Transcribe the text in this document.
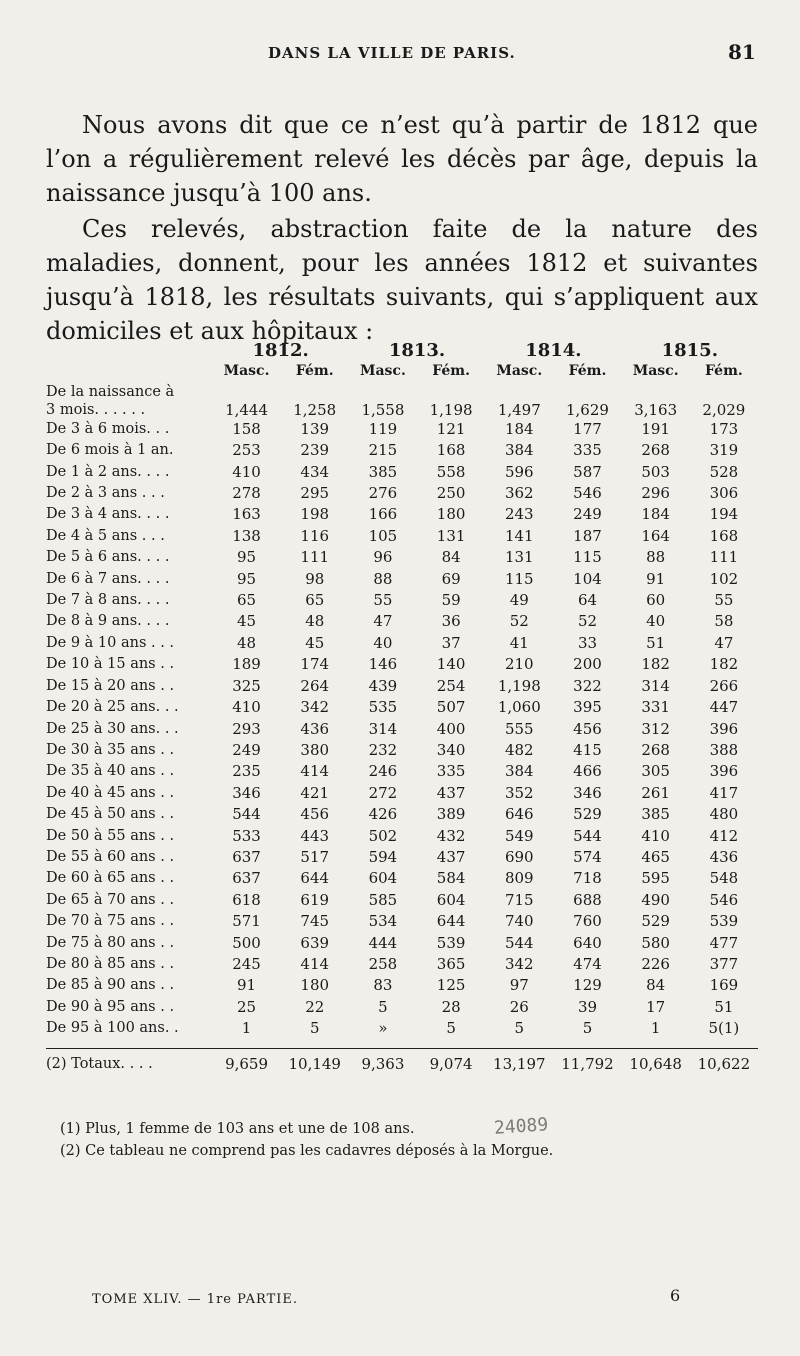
DANS LA VILLE DE PARIS.	81

Nous avons dit que ce n’est qu’à partir de 1812 que l’on a régulièrement relevé les décès par âge, depuis la naissance jusqu’à 100 ans.

Ces relevés, abstraction faite de la nature des maladies, donnent, pour les années 1812 et suivantes jusqu’à 1818, les résultats suivants, qui s’appliquent aux domiciles et aux hôpitaux :

	1812.		1813.		1814.		1815.	
	Masc.	Fém.	Masc.	Fém.	Masc.	Fém.	Masc.	Fém.
De la naissance à								
3 mois. . . . . .	1,444	1,258	1,558	1,198	1,497	1,629	3,163	2,029
De 3 à 6 mois. . .	158	139	119	121	184	177	191	173
De 6 mois à 1 an.	253	239	215	168	384	335	268	319
De 1 à 2 ans. . . .	410	434	385	558	596	587	503	528
De 2 à 3 ans . . .	278	295	276	250	362	546	296	306
De 3 à 4 ans. . . .	163	198	166	180	243	249	184	194
De 4 à 5 ans . . .	138	116	105	131	141	187	164	168
De 5 à 6 ans. . . .	95	111	96	84	131	115	88	111
De 6 à 7 ans. . . .	95	98	88	69	115	104	91	102
De 7 à 8 ans. . . .	65	65	55	59	49	64	60	55
De 8 à 9 ans. . . .	45	48	47	36	52	52	40	58
De 9 à 10 ans . . .	48	45	40	37	41	33	51	47
De 10 à 15 ans . .	189	174	146	140	210	200	182	182
De 15 à 20 ans . .	325	264	439	254	1,198	322	314	266
De 20 à 25 ans. . .	410	342	535	507	1,060	395	331	447
De 25 à 30 ans. . .	293	436	314	400	555	456	312	396
De 30 à 35 ans . .	249	380	232	340	482	415	268	388
De 35 à 40 ans . .	235	414	246	335	384	466	305	396
De 40 à 45 ans . .	346	421	272	437	352	346	261	417
De 45 à 50 ans . .	544	456	426	389	646	529	385	480
De 50 à 55 ans . .	533	443	502	432	549	544	410	412
De 55 à 60 ans . .	637	517	594	437	690	574	465	436
De 60 à 65 ans . .	637	644	604	584	809	718	595	548
De 65 à 70 ans . .	618	619	585	604	715	688	490	546
De 70 à 75 ans . .	571	745	534	644	740	760	529	539
De 75 à 80 ans . .	500	639	444	539	544	640	580	477
De 80 à 85 ans . .	245	414	258	365	342	474	226	377
De 85 à 90 ans . .	91	180	83	125	97	129	84	169
De 90 à 95 ans . .	25	22	5	28	26	39	17	51
De 95 à 100 ans. .	1	5	»	5	5	5	1	5(1)

(2) Totaux. . . .	9,659	10,149	9,363	9,074	13,197	11,792	10,648	10,622
(1) Plus, 1 femme de 103 ans et une de 108 ans.
(2) Ce tableau ne comprend pas les cadavres déposés à la Morgue.
24089
TOME XLIV. — 1re PARTIE.	6
